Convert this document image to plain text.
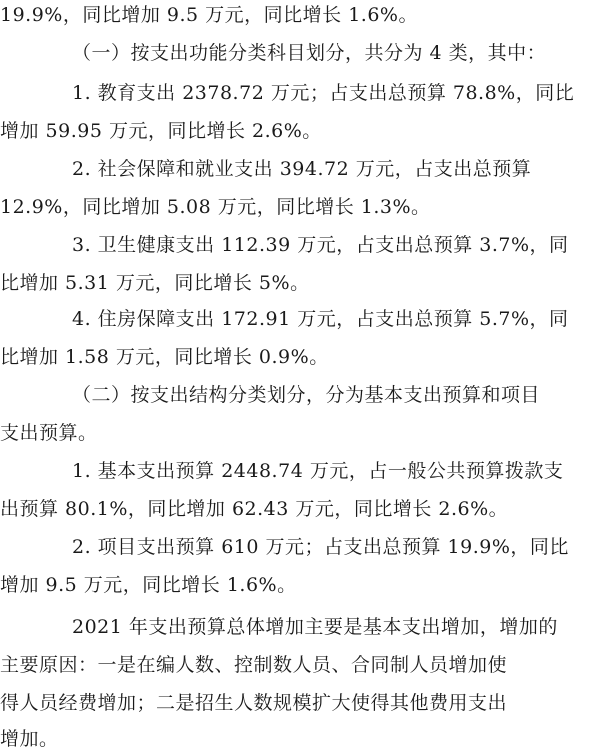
19.9%，同比增加 9.5 万元，同比增长 1.6%。
（一）按支出功能分类科目划分，共分为 4 类，其中：
1. 教育支出 2378.72 万元；占支出总预算 78.8%，同比
增加 59.95 万元，同比增长 2.6%。
2. 社会保障和就业支出 394.72 万元，占支出总预算
12.9%，同比增加 5.08 万元，同比增长 1.3%。
3. 卫生健康支出 112.39 万元，占支出总预算 3.7%，同
比增加 5.31 万元，同比增长 5%。
4. 住房保障支出 172.91 万元，占支出总预算 5.7%，同
比增加 1.58 万元，同比增长 0.9%。
（二）按支出结构分类划分，分为基本支出预算和项目
支出预算。
1. 基本支出预算 2448.74 万元，占一般公共预算拨款支
出预算 80.1%，同比增加 62.43 万元，同比增长 2.6%。
2. 项目支出预算 610 万元；占支出总预算 19.9%，同比
增加 9.5 万元，同比增长 1.6%。
2021 年支出预算总体增加主要是基本支出增加，增加的
主要原因：一是在编人数、控制数人员、合同制人员增加使
得人员经费增加；二是招生人数规模扩大使得其他费用支出
增加。
